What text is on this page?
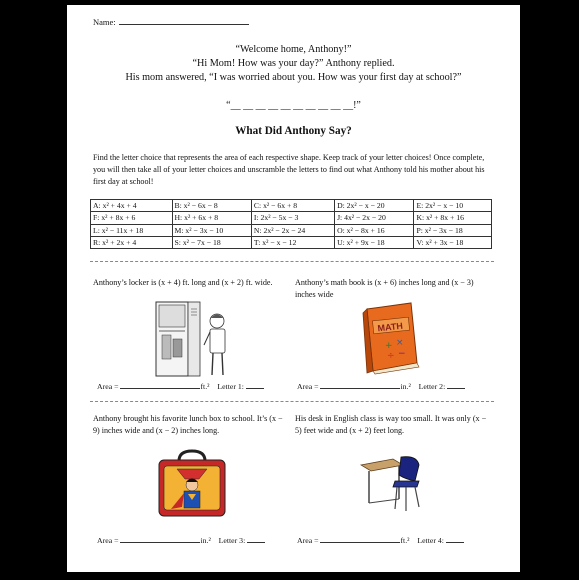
Name:
“Welcome home, Anthony!”
“Hi Mom! How was your day?” Anthony replied.
His mom answered, “I was worried about you. How was your first day at school?”
“__ __ __ __ __ __ __ __ __ __!”
What Did Anthony Say?
Find the letter choice that represents the area of each respective shape. Keep track of your letter choices! Once complete, you will then take all of your letter choices and unscramble the letters to find out what Anthony told his mother about his first day at school!
A: x² + 4x + 4	B: x² − 6x − 8	C: x² − 6x + 8	D: 2x² − x − 20	E: 2x² − x − 10
F: x² + 8x + 6	H: x² + 6x + 8	I: 2x² − 5x − 3	J: 4x² − 2x − 20	K: x² + 8x + 16
L: x² − 11x + 18	M: x² − 3x − 10	N: 2x² − 2x − 24	O: x² − 8x + 16	P: x² − 3x − 18
R: x² + 2x + 4	S: x² − 7x − 18	T: x² − x − 12	U: x² + 9x − 18	V: x² + 3x − 18
Anthony’s locker is (x + 4) ft. long and (x + 2) ft. wide.
Area =	ft.² Letter 1:
Anthony’s math book is (x + 6) inches long and (x − 3) inches wide
MATH
+ ×
÷ −
Area =	in.² Letter 2:
Anthony brought his favorite lunch box to school. It’s (x − 9) inches wide and (x − 2) inches long.
Area =	in.² Letter 3:
His desk in English class is way too small. It was only (x − 5) feet wide and (x + 2) feet long.
Area =	ft.² Letter 4:
